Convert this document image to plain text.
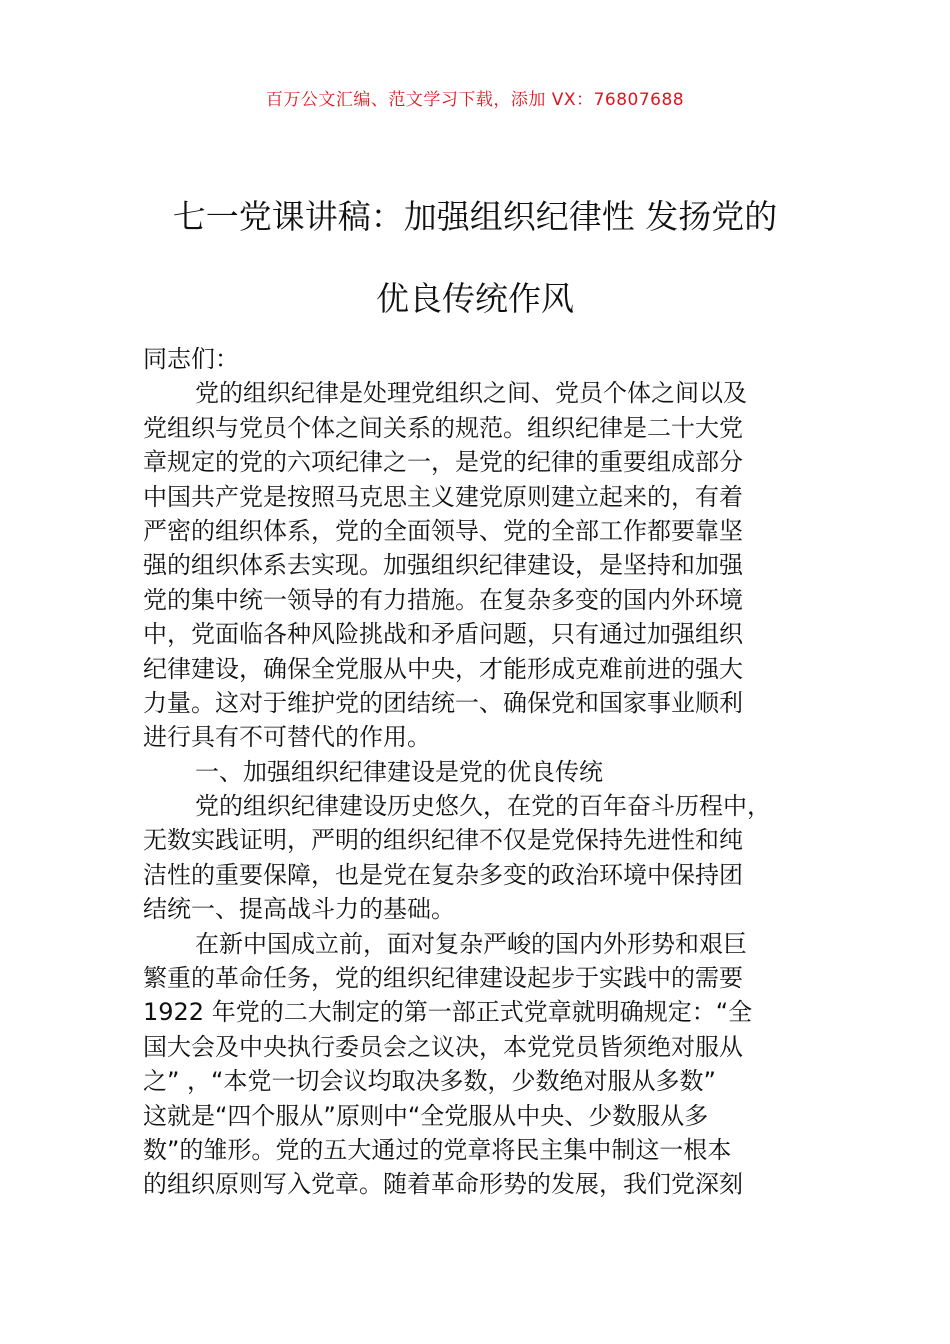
百万公文汇编、范文学习下载，添加 VX：76807688
七一党课讲稿：加强组织纪律性 发扬党的
优良传统作风
同志们：
党的组织纪律是处理党组织之间、党员个体之间以及
党组织与党员个体之间关系的规范。组织纪律是二十大党
章规定的党的六项纪律之一，是党的纪律的重要组成部分
中国共产党是按照马克思主义建党原则建立起来的，有着
严密的组织体系，党的全面领导、党的全部工作都要靠坚
强的组织体系去实现。加强组织纪律建设，是坚持和加强
党的集中统一领导的有力措施。在复杂多变的国内外环境
中，党面临各种风险挑战和矛盾问题，只有通过加强组织
纪律建设，确保全党服从中央，才能形成克难前进的强大
力量。这对于维护党的团结统一、确保党和国家事业顺利
进行具有不可替代的作用。
一、加强组织纪律建设是党的优良传统
党的组织纪律建设历史悠久，在党的百年奋斗历程中，
无数实践证明，严明的组织纪律不仅是党保持先进性和纯
洁性的重要保障，也是党在复杂多变的政治环境中保持团
结统一、提高战斗力的基础。
在新中国成立前，面对复杂严峻的国内外形势和艰巨
繁重的革命任务，党的组织纪律建设起步于实践中的需要
1922 年党的二大制定的第一部正式党章就明确规定：“全
国大会及中央执行委员会之议决，本党党员皆须绝对服从
之” ，“本党一切会议均取决多数，少数绝对服从多数”
这就是“四个服从”原则中“全党服从中央、少数服从多
数”的雏形。党的五大通过的党章将民主集中制这一根本
的组织原则写入党章。随着革命形势的发展，我们党深刻
